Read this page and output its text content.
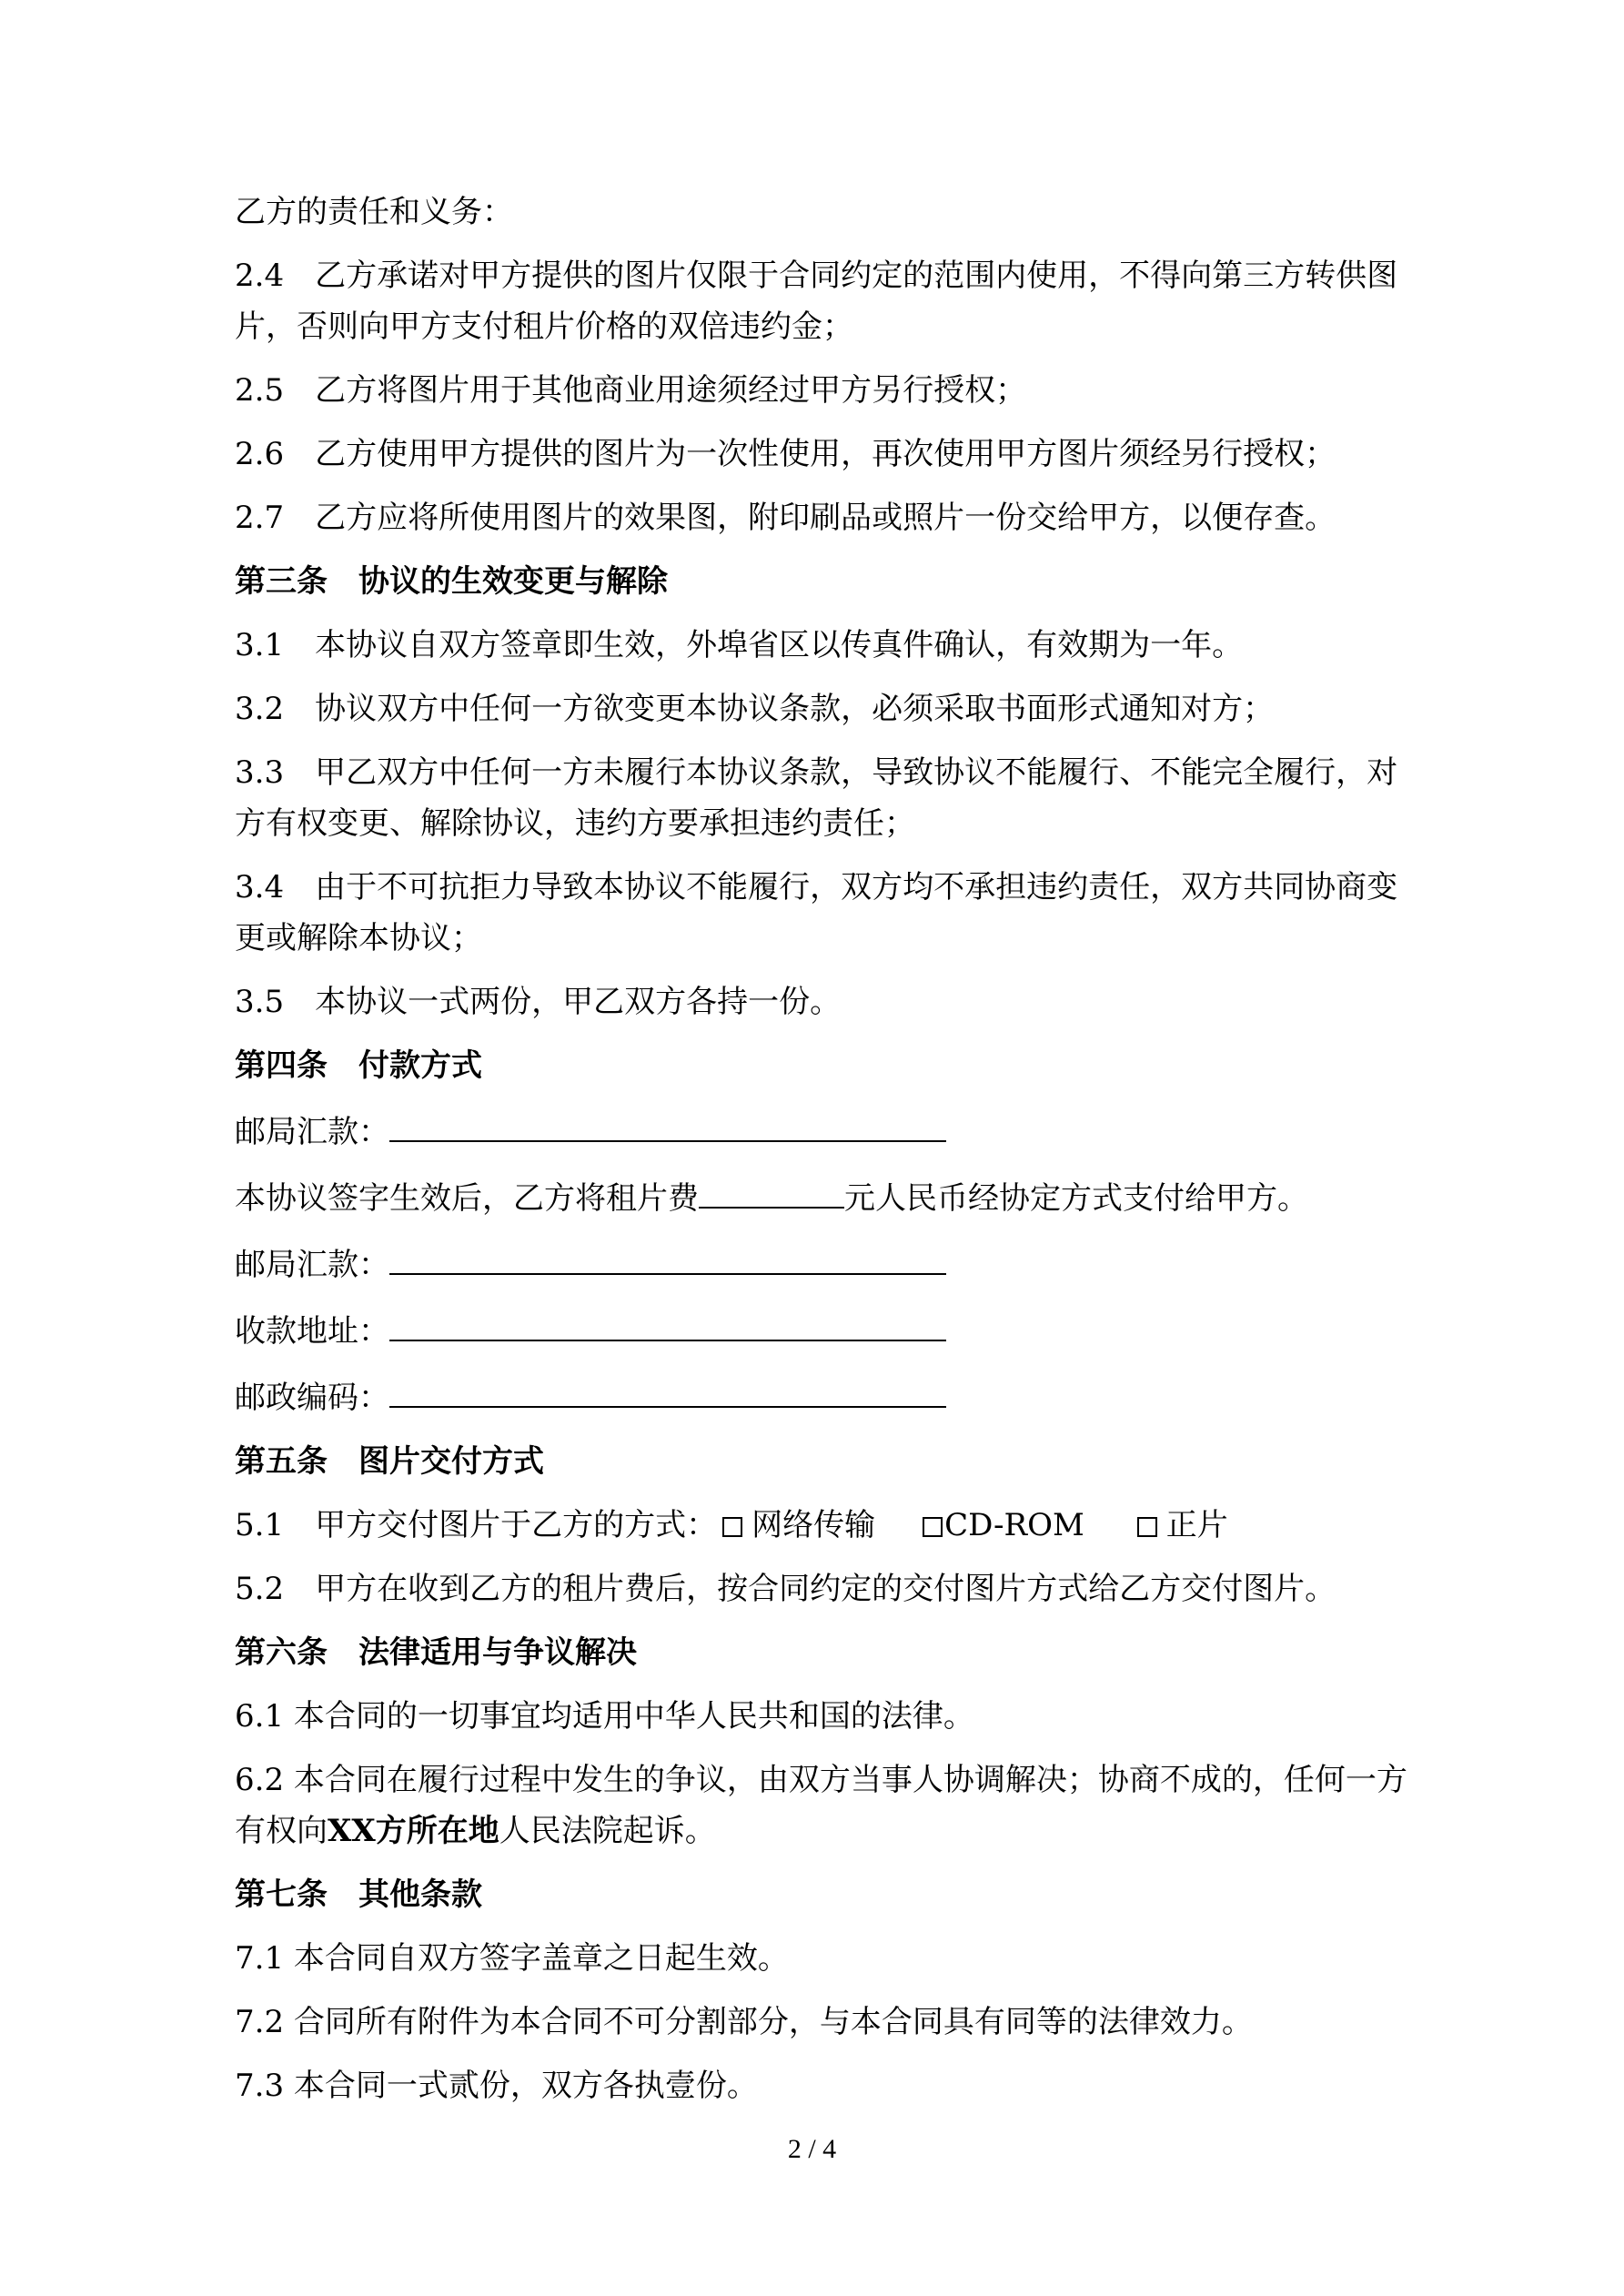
乙方的责任和义务：

2.4　乙方承诺对甲方提供的图片仅限于合同约定的范围内使用，不得向第三方转供图片，否则向甲方支付租片价格的双倍违约金；

2.5　乙方将图片用于其他商业用途须经过甲方另行授权；

2.6　乙方使用甲方提供的图片为一次性使用，再次使用甲方图片须经另行授权；

2.7　乙方应将所使用图片的效果图，附印刷品或照片一份交给甲方，以便存查。

第三条　协议的生效变更与解除

3.1　本协议自双方签章即生效，外埠省区以传真件确认，有效期为一年。

3.2　协议双方中任何一方欲变更本协议条款，必须采取书面形式通知对方；

3.3　甲乙双方中任何一方未履行本协议条款，导致协议不能履行、不能完全履行，对方有权变更、解除协议，违约方要承担违约责任；

3.4　由于不可抗拒力导致本协议不能履行，双方均不承担违约责任，双方共同协商变更或解除本协议；

3.5　本协议一式两份，甲乙双方各持一份。

第四条　付款方式

邮局汇款：

本协议签字生效后，乙方将租片费	元人民币经协定方式支付给甲方。

邮局汇款：

收款地址：

邮政编码：

第五条　图片交付方式

5.1　甲方交付图片于乙方的方式： 网络传输 CD-ROM	正片

5.2　甲方在收到乙方的租片费后，按合同约定的交付图片方式给乙方交付图片。

第六条　法律适用与争议解决

6.1 本合同的一切事宜均适用中华人民共和国的法律。

6.2 本合同在履行过程中发生的争议，由双方当事人协调解决；协商不成的，任何一方有权向XX方所在地人民法院起诉。

第七条　其他条款

7.1 本合同自双方签字盖章之日起生效。

7.2 合同所有附件为本合同不可分割部分，与本合同具有同等的法律效力。

7.3 本合同一式贰份，双方各执壹份。

2 / 4
